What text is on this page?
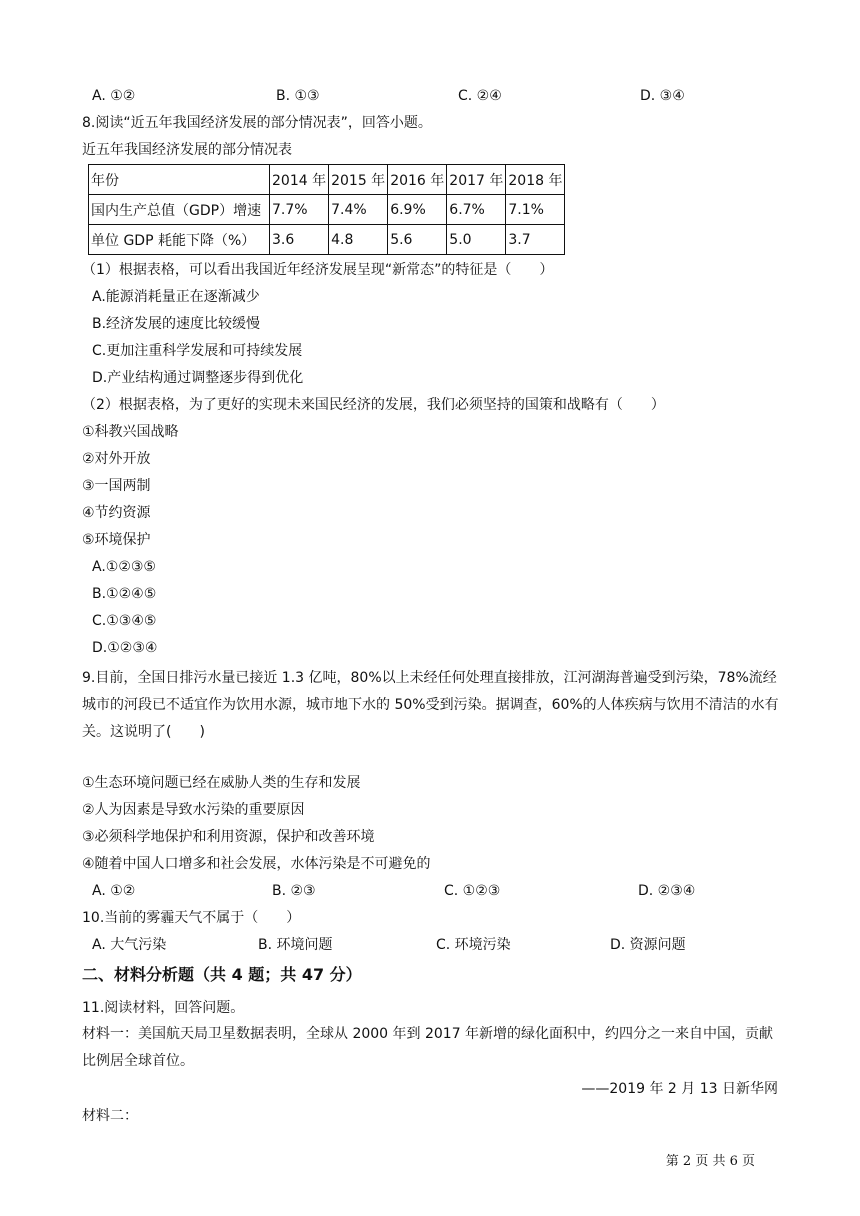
A. ①②	B. ①③	C. ②④	D. ③④
8.阅读“近五年我国经济发展的部分情况表”，回答小题。
近五年我国经济发展的部分情况表
年份	2014 年	2015 年	2016 年	2017 年	2018 年
国内生产总值（GDP）增速	7.7%	7.4%	6.9%	6.7%	7.1%
单位 GDP 耗能下降（%）	3.6	4.8	5.6	5.0	3.7
（1）根据表格，可以看出我国近年经济发展呈现“新常态”的特征是（　　）
A.能源消耗量正在逐渐减少
B.经济发展的速度比较缓慢
C.更加注重科学发展和可持续发展
D.产业结构通过调整逐步得到优化
（2）根据表格，为了更好的实现未来国民经济的发展，我们必须坚持的国策和战略有（　　）
①科教兴国战略
②对外开放
③一国两制
④节约资源
⑤环境保护
A.①②③⑤
B.①②④⑤
C.①③④⑤
D.①②③④
9.目前，全国日排污水量已接近 1.3 亿吨，80%以上未经任何处理直接排放，江河湖海普遍受到污染，78%流经城市的河段已不适宜作为饮用水源，城市地下水的 50%受到污染。据调查，60%的人体疾病与饮用不清洁的水有关。这说明了(　　)
①生态环境问题已经在威胁人类的生存和发展
②人为因素是导致水污染的重要原因
③必须科学地保护和利用资源，保护和改善环境
④随着中国人口增多和社会发展，水体污染是不可避免的
A. ①②	B. ②③	C. ①②③	D. ②③④
10.当前的雾霾天气不属于（　　）
A. 大气污染	B. 环境问题	C. 环境污染	D. 资源问题
二、材料分析题（共 4 题；共 47 分）
11.阅读材料，回答问题。
材料一：美国航天局卫星数据表明，全球从 2000 年到 2017 年新增的绿化面积中，约四分之一来自中国，贡献比例居全球首位。
——2019 年 2 月 13 日新华网
材料二：
第 2 页 共 6 页
